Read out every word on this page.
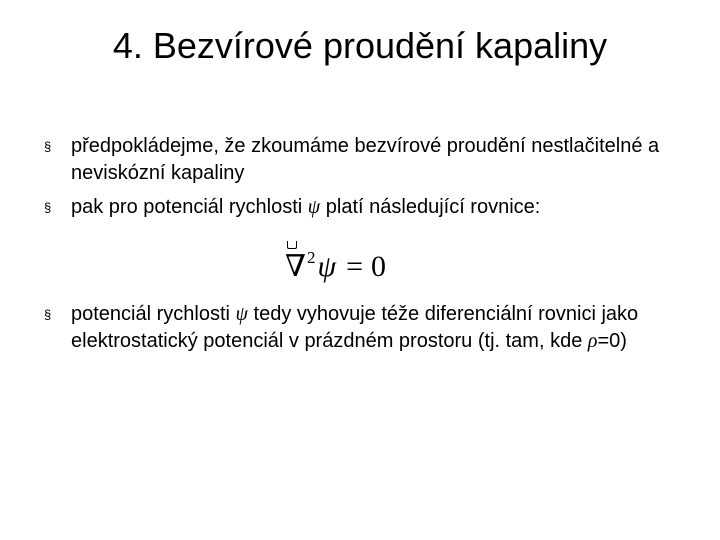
4. Bezvírové proudění kapaliny
§ předpokládejme, že zkoumáme bezvírové proudění nestlačitelné a neviskózní kapaliny
§ pak pro potenciál rychlosti ψ platí následující rovnice:
∇$^2$ψ = 0
§ potenciál rychlosti ψ tedy vyhovuje téže diferenciální rovnici jako elektrostatický potenciál v prázdném prostoru (tj. tam, kde ρ=0)
